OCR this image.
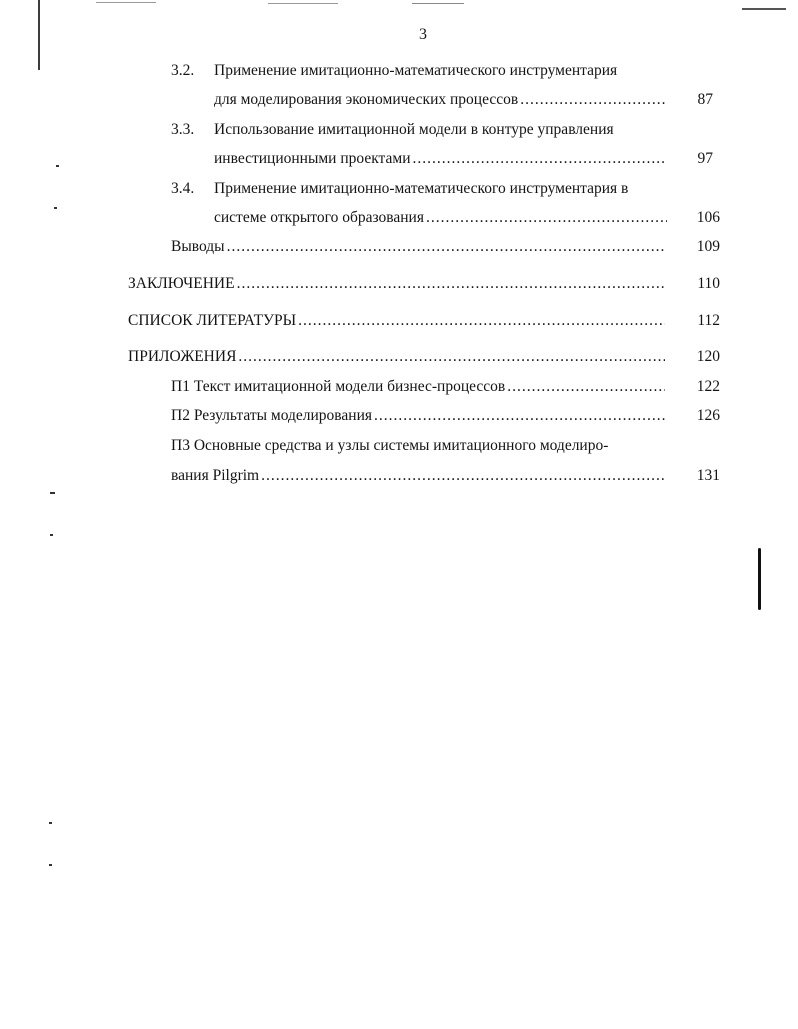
3
3.2. Применение имитационно-математического инструментария
для моделирования экономических процессов .....	87
3.3. Использование имитационной модели в контуре управления
инвестиционными проектами .....	97
3.4. Применение имитационно-математического инструментария в
системе открытого образования .....	106
Выводы .....	109
ЗАКЛЮЧЕНИЕ .....	110
СПИСОК ЛИТЕРАТУРЫ .....	112
ПРИЛОЖЕНИЯ .....	120
П1 Текст имитационной модели бизнес-процессов .....	122
П2 Результаты моделирования .....	126
П3 Основные средства и узлы системы имитационного моделиро-
вания Pilgrim .....	131
